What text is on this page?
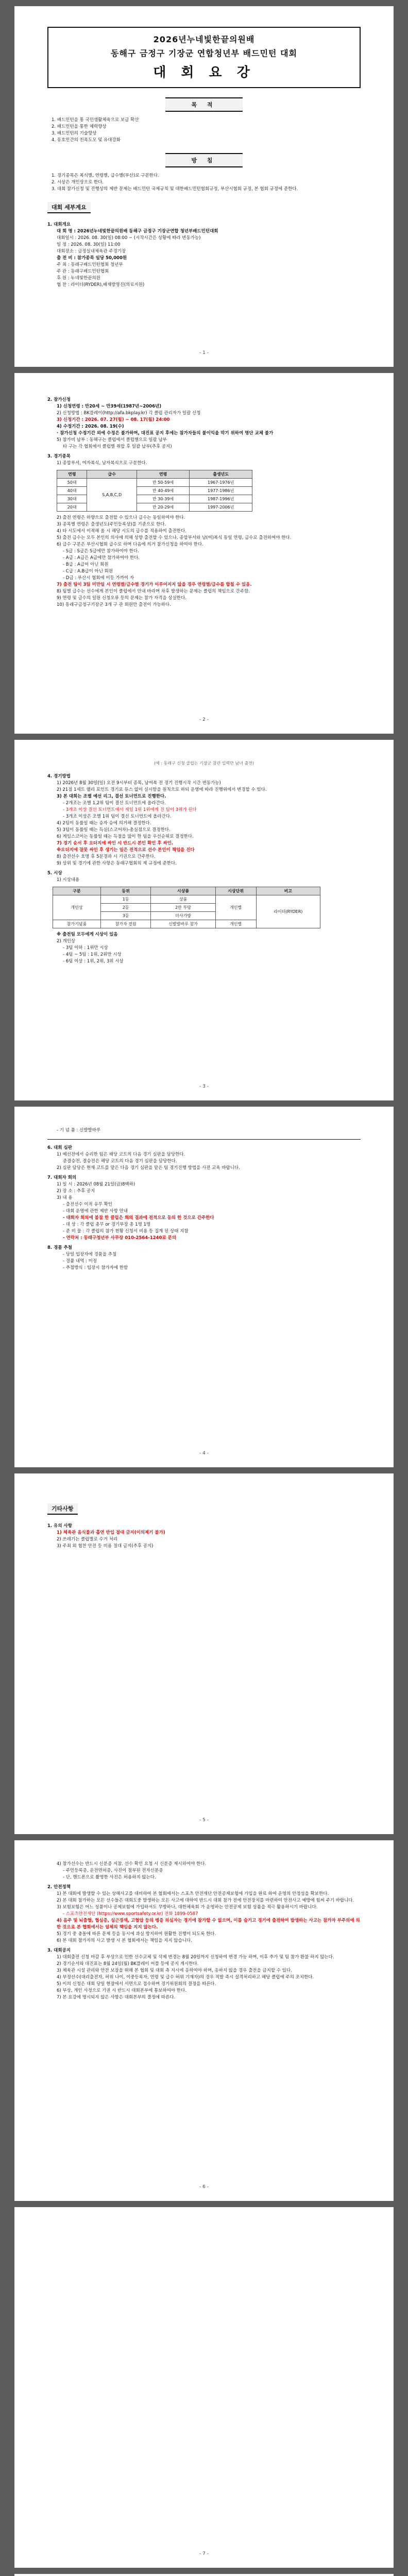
2026년누네빛한끝의원배
동해구 금정구 기장군 연합청년부 배드민턴 대회
대 회 요 강
목 적
1. 배드민턴을 통 국민생활체육으로 보급 확산
2. 배드민턴을 통한 체력향상
3. 배드민턴의 기술향상
4. 동호인간의 친목도모 및 유대강화
방 침
1. 경기종목은 복식별, 연령별, 급수별(부산)로 구분한다.
2. 시상은 개인상으로 한다.
3. 대회 참가신청 및 진행상의 제반 문제는 배드민턴 국제규칙 및 대한배드민턴협회규정, 부산시협회 규정, 본 협회 규정에 준한다.
대회 세부계요
1. 대회개요
대 회 명 : 2026년누네빛한끝의원배 동해구 금정구 기장군연합 청년부배드민턴대회
대회일시 : 2026. 08. 30(일) 08:00 ~ (시작시간은 상황에 따라 변동가능)
일 정 : 2026. 08. 30(일) 11:00
대회장소 : 금정실내체육관 주경기장
출 전 비 : 참가종목 일당 50,000원
주 최 : 동래구배드민턴협회 청년부
주 관 : 동래구배드민턴협회
후 원 : 누네빛한끝의원
협 찬 : 라이더(RYDER),배재방명진(의료지원)
- 1 -
2. 참가신청
1) 신청연령 : 만20세 ~ 만39세(1987년~2006년)
2) 신청방법 : BK플레이(http://afa.bkplay.kr) 각 클럽 관리자가 일괄 신청
3) 신청기간 : 2026. 07. 27(월) ~ 08. 17(월) 24:00
4) 수정기간 : 2026. 08. 19(수)
· 참가신청 수정기간 외에 수정은 불가하며, 대진표 공지 후에는 참가자들의 불이익을 막기 위하여 명단 교체 불가
5) 참가비 납부 : 동해구는 클럽에서 클럽별으로 일괄 납부
타 구는 각 협회에서 클럽별 취합 후 일괄 납부(추후 공지)
3. 경기종목
1) 종합부서, 여자복식, 남자복식으로 구분한다.
연령	급수	연령	출생년도
50대	S,A,B,C,D	만 50-59세	1967-1976년
40대		만 40-49세	1977-1986년
30대		만 30-39세	1987-1996년
20대		만 20-29세	1997-2006년
2) 출전 연령은 하향으로 출전할 수 있으나 급수는 동일하여야 한다.
3) 종목별 연령은 출생년도(주민등록상)를 기준으로 한다.
4) 타 시도에서 이적해 올 시 해당 시도의 급수를 적용하여 출전한다.
5) 출전 급수는 모두 본인의 의사에 의해 상향 출전할 수 있으나, 종합부서와 남(여)복식 동일 연령, 급수로 출전하여야 한다.
6) 급수 구분은 부산시협회 급수로 하며 다음에 의거 참가신청을 하여야 한다.
- S급 : S급은 S급에만 참가하여야 한다.
- A급 : A급은 A급에만 참가하여야 한다.
- B급 : A급이 아닌 회원
- C급 : A.B급이 아닌 회원
- D급 : 부산시 협회에 미등 가까이 자
7) 출전 팀이 3팀 미만일 시 연령별/급수별 경기가 이루어지지 않을 경우 연령별/급수를 합칠 수 있음.
8) 팀별 급수는 선수에게 본인이 클럽에서 안내 바라며 차후 발생하는 문제는 클럽의 책임으로 간주함.
9) 연령 및 급수의 일원 신청오류 등의 문제는 참가 자격을 상실한다.
10) 동래구금정구기장군 3개 구 관 회원만 출전이 가능하다.
- 2 -
(예 : 동래구 신청 클럽는 기장군 참관 입력만 남녀 출전)
4. 경기방법
1) 2026년 8월 30일(일) 오전 9시부터 종목, 남여복 전 경기 진행시작 시간 변동가능)
2) 21점 1세트 랠리 포인트 경기로 듀스 없이 실시함을 원칙으로 하되 운영에 따라 진행위에서 변경할 수 있다.
3) 본 대회는 조별 예선 리그, 결선 토너먼트로 진행한다.
- 2개조는 조별 1,2위 팀이 결선 토너먼트에 올라간다.
- 3개조 이상 결선 토너먼트에서 제일 1위 1위에게 진 팀이 3위가 된다
- 3개조 이상은 조별 1위 팀이 결선 토너먼트에 올라간다.
4) 2팀이 동률일 때는 승자 승에 의거해 결정한다.
5) 3팀이 동률일 때는 득실(스코어차)-총실점으로 결정한다.
6) 게임스코어는 동률일 때는 득점을 많이 한 팀을 우선순위로 결정한다.
7) 경기 순서 후 오더지에 싸인 시 반드시 본인 확인 후 싸인.
※오더지에 잘못 싸인 후 생기는 일은 전적으로 선수 본인이 책임을 진다
8) 출전선수 호명 후 5분경과 시 기권으로 간주한다.
9) 상위 및 경기에 관한 사항은 동래구협회의 제 규정에 준한다.
5. 시상
1) 시상내용
구분	등위	시상품	시상단위	비고
개인상	1등	상품	개인별	라이더(RYDER)
	2등	2만 부당		
	3등	미사가방		
참가기념품	참가자 전원	신발발바루 참가	개인별	
※ 출전팀 모두에게 시상이 있음
2) 개인상
- 3팀 이하 : 1위만 시상
- 4팀 ~ 5팀 : 1위, 2위만 시상
- 6팀 이상 : 1위, 2위, 3위 시상
- 3 -
- 기 념 품 : 신발발바루
6. 대회 심판
1) 예선전에서 승리한 팀은 해당 코트의 다음 경기 심판을 담당한다.
준결승전, 결승전은 해당 코트의 다음 경기 심판을 담당한다.
2) 심판 담당은 현재 코트를 맡은 다음 경기 심판을 맡은 팀 경기진행 방법을 사전 교육 바랍니다.
7. 대회자 회의
1) 일 시 : 2026년 08월 21일(금)8백하)
2) 장 소 : 추후 공지
3) 내 용
- 출전선수 이적 유무 확인
- 대회 운영에 관한 제반 사항 안내
- 대회자 회의에 불참 한 클럽은 회의 결과에 전적으로 동의 한 것으로 간주한다
- 대 상 : 각 클럽 총무 or 경기부장 총 1명 1명
- 준 비 물 : 각 클럽의 참가 현황 신청서 비용 등 집계 된 상태 지참
- 연락처 : 동래구청년부 사무장 010-2564-1240로 문의
8. 경품 추첨
- 당일 입장자에 경품을 추첨
- 경품 내역 : 미정
- 추첨방식 : 입장시 참가자에 한함
- 4 -
기타사항
1. 유의 사항
1) 체육관 음식물과 흡연 반입 절대 금지(이의제기 불가)
2) 쓰레기는 클럽별로 수거 처리
3) 주최 외 협찬 안전 등 비용 절대 금지(추후 공지)
- 5 -
4) 참가선수는 반드시 신분증 지참. 선수 확인 요청 시 신분증 제시하여야 한다.
- 주민등록증, 운전면허증, 사진이 첨부된 전자신분증
- 단, 핸드폰으로 촬영한 사진은 허용하지 않는다.
2. 안전정책
1) 본 대회에 발생할 수 있는 상해사고를 대비하여 본 협회에서는 스포츠 안전재단 안전공제보험에 가입을 완료 하여 운영의 안정성을 확보한다.
2) 본 대회 참가하는 모든 선수들은 대회도중 발생하는 모든 사고에 대하여 반드시 대회 참가 전에 안전장치를 마련하여 안전사고 예방에 힘써 주기 바랍니다.
3) 보험보험은 어느 성품이나 공제보험에 가입하셔도 무방하나, 대한체육회 가 운영하는 안전공제 보험 상품을 적극 활용하시기 바랍니다.
- 스포츠안전재단 (https://www.sportsafety.or.kr) 전화 1899-0587
4) 음주 및 뇌출혈, 협심증, 심근경색, 고혈압 등의 병증 의심자는 경기에 참가할 수 없으며, 이를 숨기고 경기에 출전하여 발생하는 사고는 참가자 부주의에 의한 것으로 본 협회에서는 일체의 책임을 지지 않는다.
5) 경기 중 충돌에 따른 문제 등을 동시에 과실 방지하여 원활한 진행이 되도록 한다.
6) 본 대회 참가자의 사고 발생 시 본 협회에서는 책임을 지지 않습니다.
3. 대회공지
1) 대회출전 신청 마감 후 부상으로 인한 선수교체 및 삭제 변경는 8월 20일까지 신청하여 변경 가능 하며, 이후 추가 및 팀 참가 환불 하지 않는다.
2) 경기순서와 대진표는 8월 24일(월) BK플레이 어플 등에 공지 게시한다.
3) 체육관 시설 관리와 안전 보장을 위해 본 협회 및 대회 측 지시에 응하여야 하며, 응하지 않을 경우 출전을 금지할 수 있다.
4) 부정선수(대리출전자, 허위 나이, 이중등록자, 연령 및 급수 허위 기재자)의 경우 적발 즉시 실격처리하고 해당 클럽에 주의 조치한다.
5) 이의 신청은 대회 당일 현장에서 서면으로 접수하며 경기위원회의 결정을 따른다.
6) 부상, 개인 사정으로 기권 시 반드시 대회본부에 통보하여야 한다.
7) 본 요강에 명시되지 않은 사항은 대회본부의 결정에 따른다.
- 6 -
- 7 -
